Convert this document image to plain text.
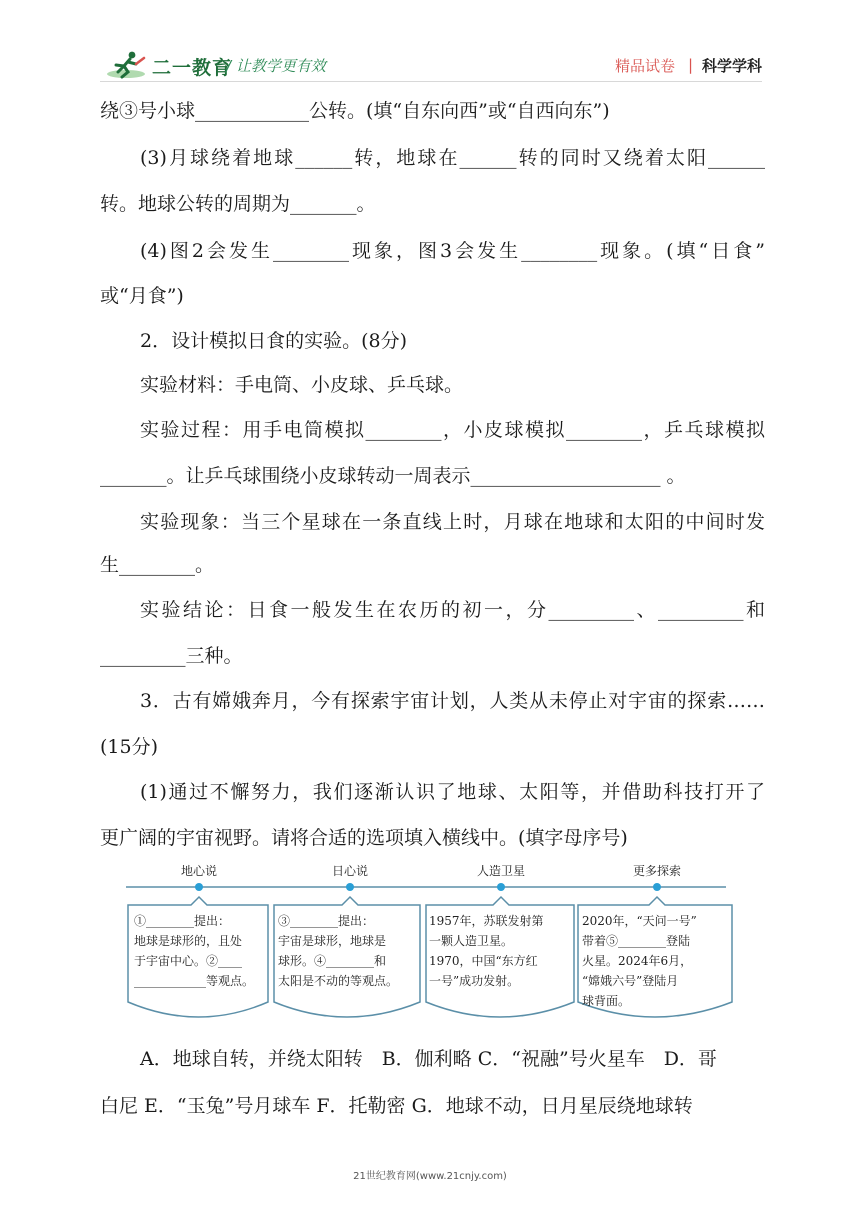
二一教育
/ 让教学更有效	精品试卷 | 科学学科
绕③号小球____________公转。(填“自东向西”或“自西向东”)
(3)月球绕着地球______转，地球在______转的同时又绕着太阳______
转。地球公转的周期为_______。
(4)图2会发生________现象，图3会发生________现象。(填“日食”
或“月食”)
2．设计模拟日食的实验。(8分)
实验材料：手电筒、小皮球、乒乓球。
实验过程：用手电筒模拟________，小皮球模拟________，乒乓球模拟
_______。让乒乓球围绕小皮球转动一周表示____________________ 。
实验现象：当三个星球在一条直线上时，月球在地球和太阳的中间时发
生________。
实验结论：日食一般发生在农历的初一，分_________、_________和
_________三种。
3．古有嫦娥奔月，今有探索宇宙计划，人类从未停止对宇宙的探索……
(15分)
(1)通过不懈努力，我们逐渐认识了地球、太阳等，并借助科技打开了
更广阔的宇宙视野。请将合适的选项填入横线中。(填字母序号)
地心说
①________提出： 地球是球形的，且处 于宇宙中心。②____ ____________等观点。
日心说
③________提出： 宇宙是球形，地球是 球形。④________和 太阳是不动的等观点。
人造卫星
1957年，苏联发射第 一颗人造卫星。 1970，中国“东方红 一号”成功发射。
更多探索
2020年，“天问一号” 带着⑤________登陆 火星。2024年6月， “嫦娥六号”登陆月 球背面。
A．地球自转，并绕太阳转　B．伽利略 C．“祝融”号火星车　D．哥
白尼 E．“玉兔”号月球车 F．托勒密 G．地球不动，日月星辰绕地球转
21世纪教育网(www.21cnjy.com)
